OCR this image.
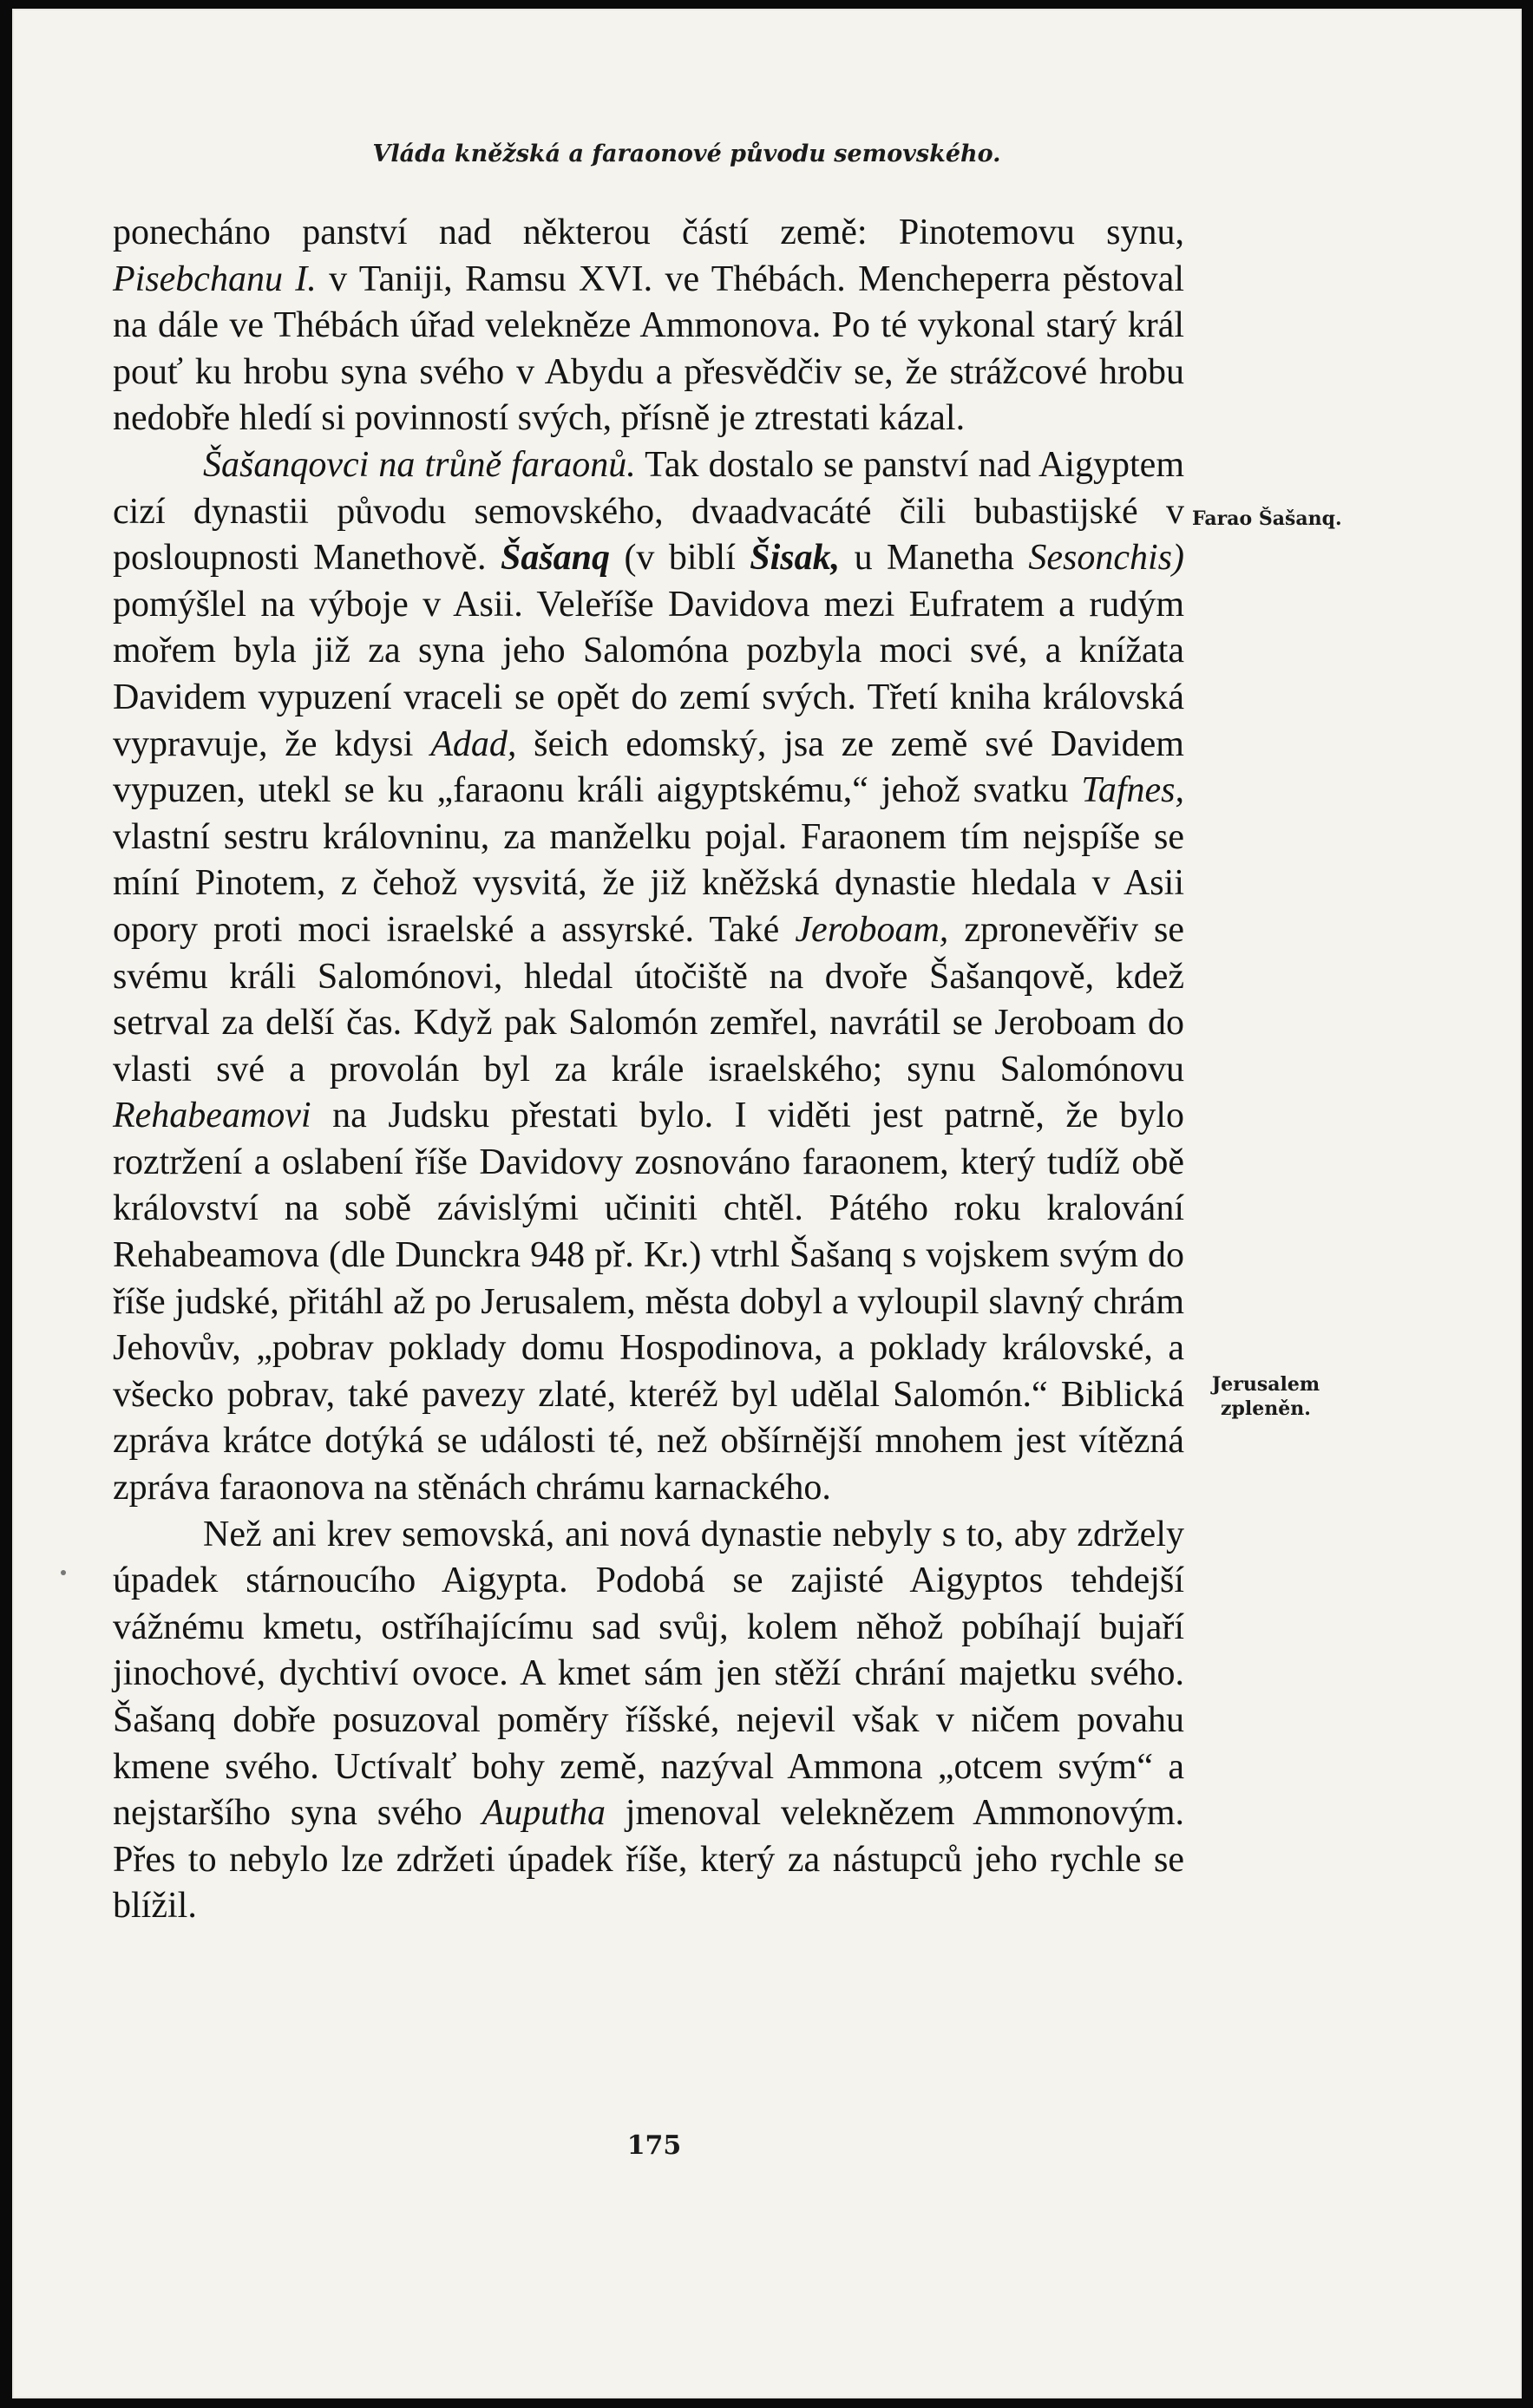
Vláda kněžská a faraonové původu semovského.

ponecháno panství nad některou částí země: Pinotemovu synu, Pisebchanu I. v Taniji, Ramsu XVI. ve Thébách. Mencheperra pěstoval na dále ve Thébách úřad velekněze Ammonova. Po té vykonal starý král pouť ku hrobu syna svého v Abydu a přesvědčiv se, že strážcové hrobu nedobře hledí si povinností svých, přísně je ztrestati kázal.

Šašanqovci na trůně faraonů. Tak dostalo se panství nad Aigyptem cizí dynastii původu semovského, dvaadvacáté čili bubastijské v posloupnosti Manethově. Šašanq (v biblí Šisak, u Manetha Sesonchis) pomýšlel na výboje v Asii. Veleříše Davidova mezi Eufratem a rudým mořem byla již za syna jeho Salomóna pozbyla moci své, a knížata Davidem vypuzení vraceli se opět do zemí svých. Třetí kniha královská vypravuje, že kdysi Adad, šeich edomský, jsa ze země své Davidem vypuzen, utekl se ku „faraonu králi aigyptskému,“ jehož svatku Tafnes, vlastní sestru královninu, za manželku pojal. Faraonem tím nejspíše se míní Pinotem, z čehož vysvitá, že již kněžská dynastie hledala v Asii opory proti moci israelské a assyrské. Také Jeroboam, zpronevěřiv se svému králi Salomónovi, hledal útočiště na dvoře Šašanqově, kdež setrval za delší čas. Když pak Salomón zemřel, navrátil se Jeroboam do vlasti své a provolán byl za krále israelského; synu Salomónovu Rehabeamovi na Judsku přestati bylo. I viděti jest patrně, že bylo roztržení a oslabení říše Davidovy zosnováno faraonem, který tudíž obě království na sobě závislými učiniti chtěl. Pátého roku kralování Rehabeamova (dle Dunckra 948 př. Kr.) vtrhl Šašanq s vojskem svým do říše judské, přitáhl až po Jerusalem, města dobyl a vyloupil slavný chrám Jehovův, „pobrav poklady domu Hospodinova, a poklady královské, a všecko pobrav, také pavezy zlaté, kteréž byl udělal Salomón.“ Biblická zpráva krátce dotýká se události té, než obšírnější mnohem jest vítězná zpráva faraonova na stěnách chrámu karnackého.

Než ani krev semovská, ani nová dynastie nebyly s to, aby zdržely úpadek stárnoucího Aigypta. Podobá se zajisté Aigyptos tehdejší vážnému kmetu, ostříhajícímu sad svůj, kolem něhož pobíhají bujaří jinochové, dychtiví ovoce. A kmet sám jen stěží chrání majetku svého. Šašanq dobře posuzoval poměry říšské, nejevil však v ničem povahu kmene svého. Uctívalť bohy země, nazýval Ammona „otcem svým“ a nejstaršího syna svého Auputha jmenoval veleknězem Ammonovým. Přes to nebylo lze zdržeti úpadek říše, který za nástupců jeho rychle se blížil.

Farao Šašanq.
Jerusalem
zpleněn.

175
